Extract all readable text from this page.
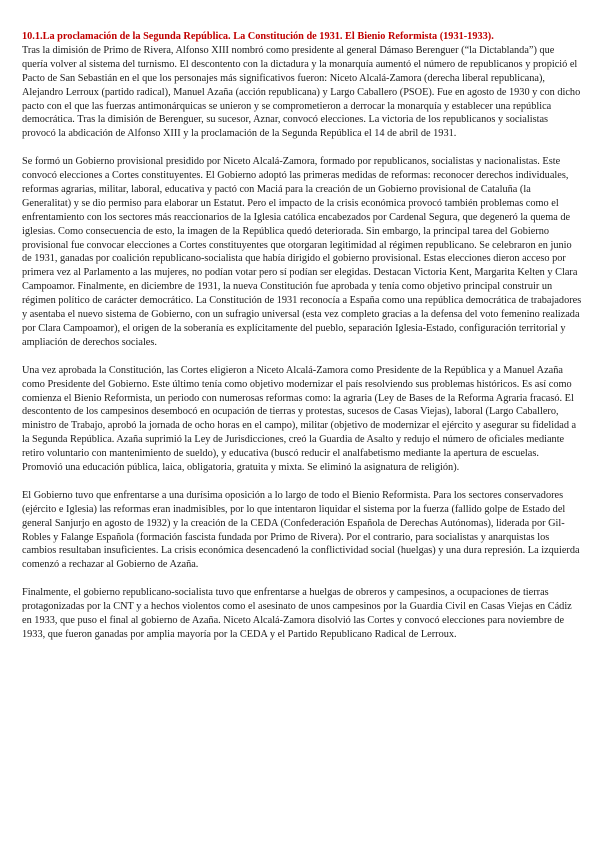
10.1.La proclamación de la Segunda República. La Constitución de 1931. El Bienio Reformista (1931-1933).

Tras la dimisión de Primo de Rivera, Alfonso XIII nombró como presidente al general Dámaso Berenguer (“la Dictablanda”) que quería volver al sistema del turnismo. El descontento con la dictadura y la monarquía aumentó el número de republicanos y propició el Pacto de San Sebastián en el que los personajes más significativos fueron: Niceto Alcalá-Zamora (derecha liberal republicana), Alejandro Lerroux (partido radical), Manuel Azaña (acción republicana) y Largo Caballero (PSOE). Fue en agosto de 1930 y con dicho pacto con el que las fuerzas antimonárquicas se unieron y se comprometieron a derrocar la monarquía y establecer una república democrática. Tras la dimisión de Berenguer, su sucesor, Aznar, convocó elecciones. La victoria de los republicanos y socialistas provocó la abdicación de Alfonso XIII y la proclamación de la Segunda República el 14 de abril de 1931.

Se formó un Gobierno provisional presidido por Niceto Alcalá-Zamora, formado por republicanos, socialistas y nacionalistas. Este convocó elecciones a Cortes constituyentes. El Gobierno adoptó las primeras medidas de reformas: reconocer derechos individuales, reformas agrarias, militar, laboral, educativa y pactó con Maciá para la creación de un Gobierno provisional de Cataluña (la Generalitat) y se dio permiso para elaborar un Estatut. Pero el impacto de la crisis económica provocó también problemas como el enfrentamiento con los sectores más reaccionarios de la Iglesia católica encabezados por Cardenal Segura, que degeneró la quema de iglesias. Como consecuencia de esto, la imagen de la República quedó deteriorada. Sin embargo, la principal tarea del Gobierno provisional fue convocar elecciones a Cortes constituyentes que otorgaran legitimidad al régimen republicano. Se celebraron en junio de 1931, ganadas por coalición republicano-socialista que había dirigido el gobierno provisional. Estas elecciones dieron acceso por primera vez al Parlamento a las mujeres, no podían votar pero sí podían ser elegidas. Destacan Victoria Kent, Margarita Kelten y Clara Campoamor. Finalmente, en diciembre de 1931, la nueva Constitución fue aprobada y tenía como objetivo principal construir un régimen político de carácter democrático. La Constitución de 1931 reconocía a España como una república democrática de trabajadores y asentaba el nuevo sistema de Gobierno, con un sufragio universal (esta vez completo gracias a la defensa del voto femenino realizada por Clara Campoamor), el origen de la soberanía es explícitamente del pueblo, separación Iglesia-Estado, configuración territorial y ampliación de derechos sociales.

Una vez aprobada la Constitución, las Cortes eligieron a Niceto Alcalá-Zamora como Presidente de la República y a Manuel Azaña como Presidente del Gobierno. Este último tenía como objetivo modernizar el país resolviendo sus problemas históricos. Es así como comienza el Bienio Reformista, un periodo con numerosas reformas como: la agraria (Ley de Bases de la Reforma Agraria fracasó. El descontento de los campesinos desembocó en ocupación de tierras y protestas, sucesos de Casas Viejas), laboral (Largo Caballero, ministro de Trabajo, aprobó la jornada de ocho horas en el campo), militar (objetivo de modernizar el ejército y asegurar su fidelidad a la Segunda República. Azaña suprimió la Ley de Jurisdicciones, creó la Guardia de Asalto y redujo el número de oficiales mediante retiro voluntario con mantenimiento de sueldo), y educativa (buscó reducir el analfabetismo mediante la apertura de escuelas. Promovió una educación pública, laica, obligatoria, gratuita y mixta. Se eliminó la asignatura de religión).

El Gobierno tuvo que enfrentarse a una durísima oposición a lo largo de todo el Bienio Reformista. Para los sectores conservadores (ejército e Iglesia) las reformas eran inadmisibles, por lo que intentaron liquidar el sistema por la fuerza (fallido golpe de Estado del general Sanjurjo en agosto de 1932) y la creación de la CEDA (Confederación Española de Derechas Autónomas), liderada por Gil-Robles y Falange Española (formación fascista fundada por Primo de Rivera). Por el contrario, para socialistas y anarquistas los cambios resultaban insuficientes. La crisis económica desencadenó la conflictividad social (huelgas) y una dura represión. La izquierda comenzó a rechazar al Gobierno de Azaña.

Finalmente, el gobierno republicano-socialista tuvo que enfrentarse a huelgas de obreros y campesinos, a ocupaciones de tierras protagonizadas por la CNT y a hechos violentos como el asesinato de unos campesinos por la Guardia Civil en Casas Viejas en Cádiz en 1933, que puso el final al gobierno de Azaña. Niceto Alcalá-Zamora disolvió las Cortes y convocó elecciones para noviembre de 1933, que fueron ganadas por amplia mayoría por la CEDA y el Partido Republicano Radical de Lerroux.
